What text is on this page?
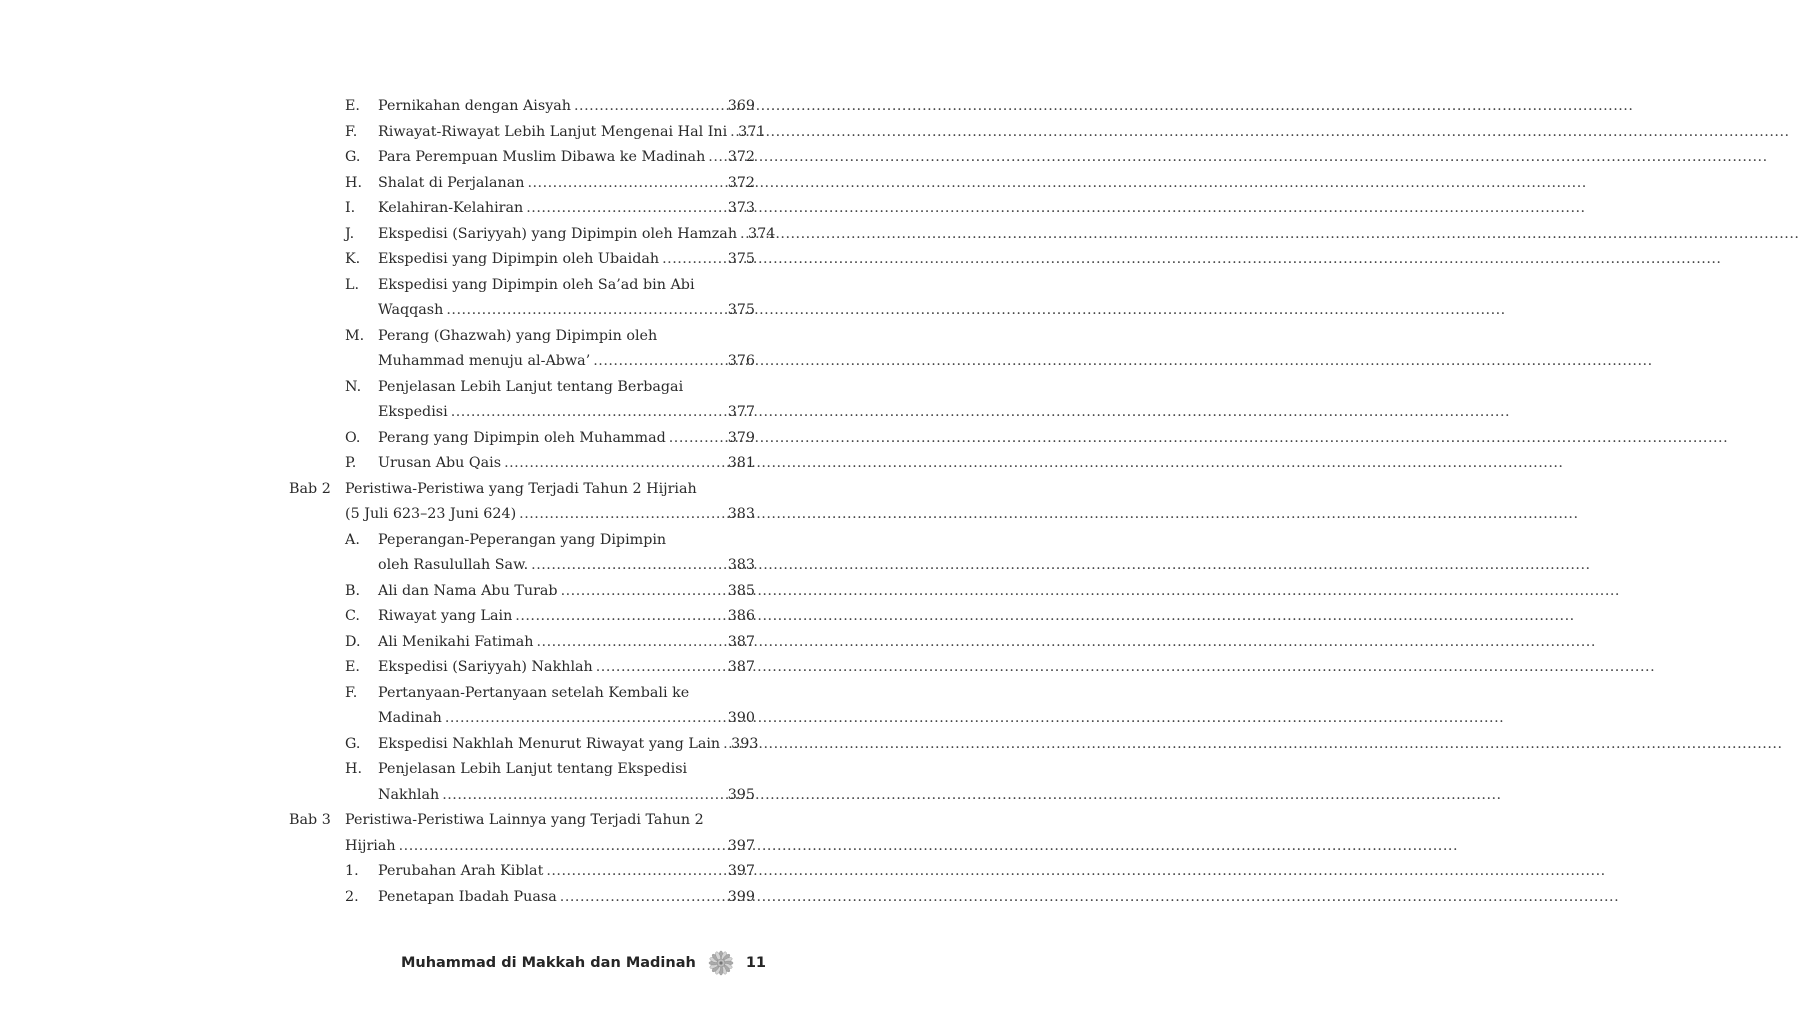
E. Pernikahan dengan Aisyah .....	369
F. Riwayat-Riwayat Lebih Lanjut Mengenai Hal Ini ..... 371
G. Para Perempuan Muslim Dibawa ke Madinah ..... 372
H. Shalat di Perjalanan .....	372
I. Kelahiran-Kelahiran .....	373
J. Ekspedisi (Sariyyah) yang Dipimpin oleh Hamzah ..... 374
K. Ekspedisi yang Dipimpin oleh Ubaidah .....	375
L. Ekspedisi yang Dipimpin oleh Sa’ad bin Abi
Waqqash .....	375
M. Perang (Ghazwah) yang Dipimpin oleh
Muhammad menuju al-Abwa’ .....	376
N. Penjelasan Lebih Lanjut tentang Berbagai
Ekspedisi .....	377
O. Perang yang Dipimpin oleh Muhammad .....	379
P. Urusan Abu Qais .....	381
Bab 2 Peristiwa-Peristiwa yang Terjadi Tahun 2 Hijriah
(5 Juli 623–23 Juni 624) .....	383
A. Peperangan-Peperangan yang Dipimpin
oleh Rasulullah Saw. .....	383
B. Ali dan Nama Abu Turab .....	385
C. Riwayat yang Lain .....	386
D. Ali Menikahi Fatimah .....	387
E. Ekspedisi (Sariyyah) Nakhlah .....	387
F. Pertanyaan-Pertanyaan setelah Kembali ke
Madinah .....	390
G. Ekspedisi Nakhlah Menurut Riwayat yang Lain ..... 393
H. Penjelasan Lebih Lanjut tentang Ekspedisi
Nakhlah .....	395
Bab 3 Peristiwa-Peristiwa Lainnya yang Terjadi Tahun 2
Hijriah .....	397
1. Perubahan Arah Kiblat .....	397
2. Penetapan Ibadah Puasa .....	399
Muhammad di Makkah dan Madinah	11
